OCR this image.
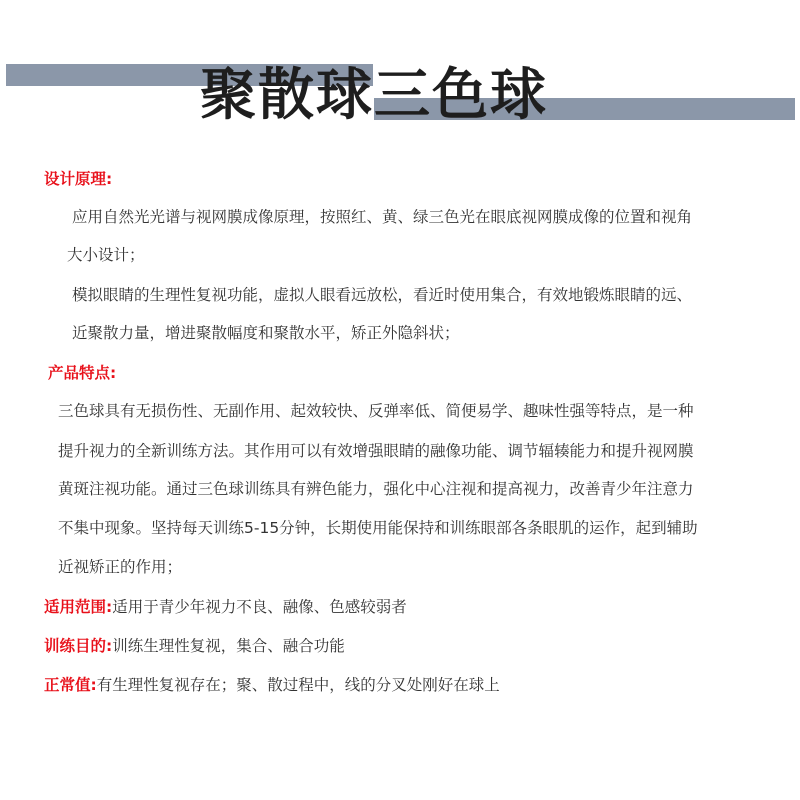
聚散球三色球
设计原理:
应用自然光光谱与视网膜成像原理，按照红、黄、绿三色光在眼底视网膜成像的位置和视角
大小设计；
模拟眼睛的生理性复视功能，虚拟人眼看远放松，看近时使用集合，有效地锻炼眼睛的远、
近聚散力量，增进聚散幅度和聚散水平，矫正外隐斜状；
产品特点:
三色球具有无损伤性、无副作用、起效较快、反弹率低、简便易学、趣味性强等特点，是一种
提升视力的全新训练方法。其作用可以有效增强眼睛的融像功能、调节辐辏能力和提升视网膜
黄斑注视功能。通过三色球训练具有辨色能力，强化中心注视和提高视力，改善青少年注意力
不集中现象。坚持每天训练5-15分钟，长期使用能保持和训练眼部各条眼肌的运作，起到辅助
近视矫正的作用；
适用范围:适用于青少年视力不良、融像、色感较弱者
训练目的:训练生理性复视，集合、融合功能
正常值:有生理性复视存在；聚、散过程中，线的分叉处刚好在球上
